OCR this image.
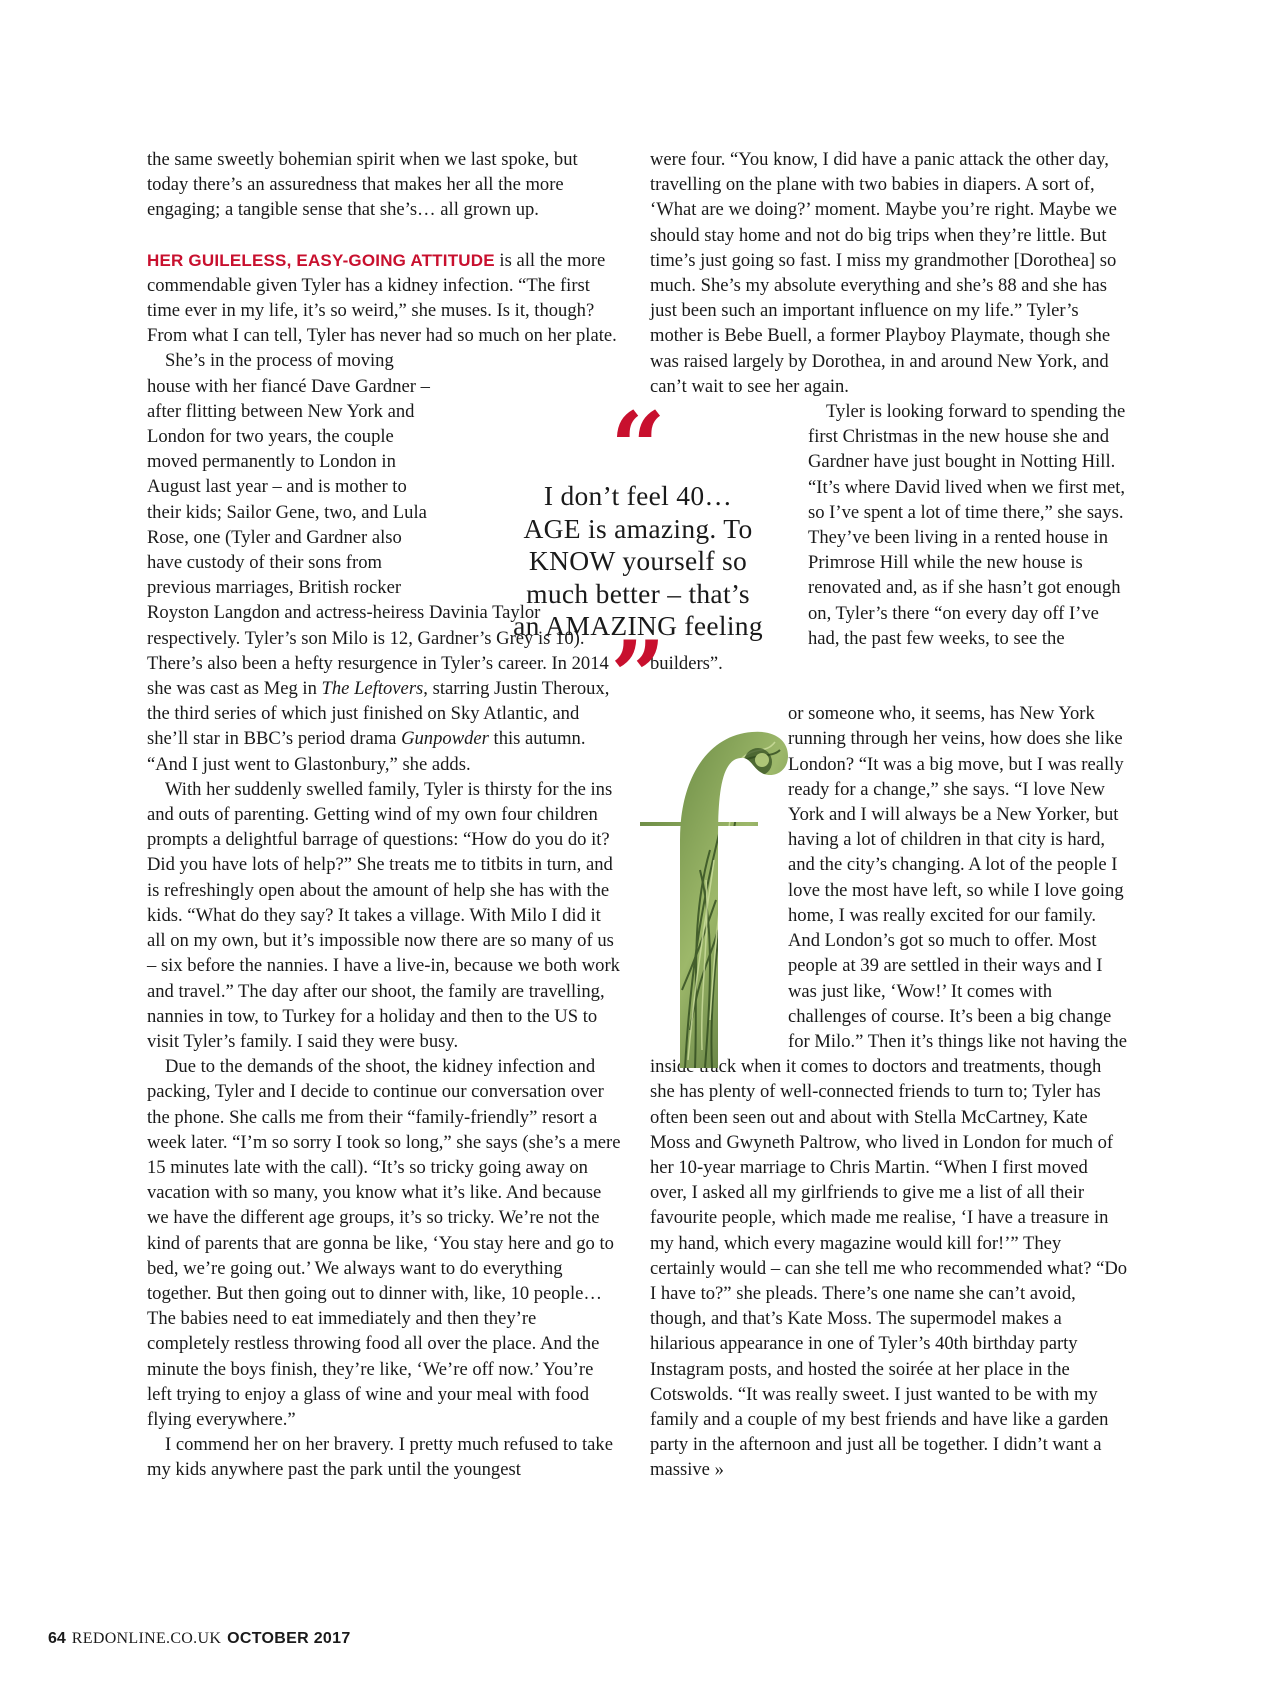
the same sweetly bohemian spirit when we last spoke, but today there’s an assuredness that makes her all the more engaging; a tangible sense that she’s… all grown up.

HER GUILELESS, EASY-GOING ATTITUDE is all the more commendable given Tyler has a kidney infection. “The first time ever in my life, it’s so weird,” she muses. Is it, though? From what I can tell, Tyler has never had so much on her plate.

She’s in the process of moving house with her fiancé Dave Gardner – after flitting between New York and London for two years, the couple moved permanently to London in August last year – and is mother to their kids; Sailor Gene, two, and Lula Rose, one (Tyler and Gardner also have custody of their sons from previous marriages, British rocker Royston Langdon and actress-heiress Davinia Taylor respectively. Tyler’s son Milo is 12, Gardner’s Grey is 10). There’s also been a hefty resurgence in Tyler’s career. In 2014 she was cast as Meg in The Leftovers, starring Justin Theroux, the third series of which just finished on Sky Atlantic, and she’ll star in BBC’s period drama Gunpowder this autumn. “And I just went to Glastonbury,” she adds.

With her suddenly swelled family, Tyler is thirsty for the ins and outs of parenting. Getting wind of my own four children prompts a delightful barrage of questions: “How do you do it? Did you have lots of help?” She treats me to titbits in turn, and is refreshingly open about the amount of help she has with the kids. “What do they say? It takes a village. With Milo I did it all on my own, but it’s impossible now there are so many of us – six before the nannies. I have a live-in, because we both work and travel.” The day after our shoot, the family are travelling, nannies in tow, to Turkey for a holiday and then to the US to visit Tyler’s family. I said they were busy.

Due to the demands of the shoot, the kidney infection and packing, Tyler and I decide to continue our conversation over the phone. She calls me from their “family-friendly” resort a week later. “I’m so sorry I took so long,” she says (she’s a mere 15 minutes late with the call). “It’s so tricky going away on vacation with so many, you know what it’s like. And because we have the different age groups, it’s so tricky. We’re not the kind of parents that are gonna be like, ‘You stay here and go to bed, we’re going out.’ We always want to do everything together. But then going out to dinner with, like, 10 people… The babies need to eat immediately and then they’re completely restless throwing food all over the place. And the minute the boys finish, they’re like, ‘We’re off now.’ You’re left trying to enjoy a glass of wine and your meal with food flying everywhere.”

I commend her on her bravery. I pretty much refused to take my kids anywhere past the park until the youngest

were four. “You know, I did have a panic attack the other day, travelling on the plane with two babies in diapers. A sort of, ‘What are we doing?’ moment. Maybe you’re right. Maybe we should stay home and not do big trips when they’re little. But time’s just going so fast. I miss my grandmother [Dorothea] so much. She’s my absolute everything and she’s 88 and she has just been such an important influence on my life.” Tyler’s mother is Bebe Buell, a former Playboy Playmate, though she was raised largely by Dorothea, in and around New York, and can’t wait to see her again.

Tyler is looking forward to spending the first Christmas in the new house she and Gardner have just bought in Notting Hill. “It’s where David lived when we first met, so I’ve spent a lot of time there,” she says. They’ve been living in a rented house in Primrose Hill while the new house is renovated and, as if she hasn’t got enough on, Tyler’s there “on every day off I’ve had, the past few weeks, to see the builders”.

or someone who, it seems, has New York running through her veins, how does she like London? “It was a big move, but I was really ready for a change,” she says. “I love New York and I will always be a New Yorker, but having a lot of children in that city is hard, and the city’s changing. A lot of the people I love the most have left, so while I love going home, I was really excited for our family. And London’s got so much to offer. Most people at 39 are settled in their ways and I was just like, ‘Wow!’ It comes with challenges of course. It’s been a big change for Milo.” Then it’s things like not having the inside track when it comes to doctors and treatments, though she has plenty of well-connected friends to turn to; Tyler has often been seen out and about with Stella McCartney, Kate Moss and Gwyneth Paltrow, who lived in London for much of her 10-year marriage to Chris Martin. “When I first moved over, I asked all my girlfriends to give me a list of all their favourite people, which made me realise, ‘I have a treasure in my hand, which every magazine would kill for!’” They certainly would – can she tell me who recommended what? “Do I have to?” she pleads. There’s one name she can’t avoid, though, and that’s Kate Moss. The supermodel makes a hilarious appearance in one of Tyler’s 40th birthday party Instagram posts, and hosted the soirée at her place in the Cotswolds. “It was really sweet. I just wanted to be with my family and a couple of my best friends and have like a garden party in the afternoon and just all be together. I didn’t want a massive »

“
I don’t feel 40…
AGE is amazing. To
KNOW yourself so
much better – that’s
an AMAZING feeling
”
64 REDONLINE.CO.UK OCTOBER 2017
